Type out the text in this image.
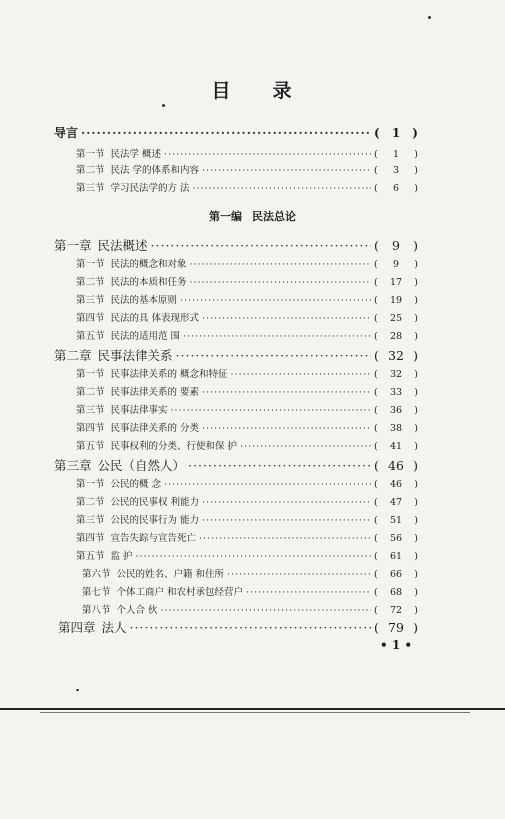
目 录
第一编 民法总论
导言 ·····	( 1 )
第一节 民法学 概述 ·····	( 1 )
第二节 民法 学的体系和内容 ·····	( 3 )
第三节 学习民法学的方 法 ·····	( 6 )
第一章 民法概述 ·····	( 9 )
第一节 民法的概念和对象 ·····	( 9 )
第二节 民法的本质和任务 ·····	( 17 )
第三节 民法的基本原则 ·····	( 19 )
第四节 民法的具 体表现形式 ·····	( 25 )
第五节 民法的适用范 围 ·····	( 28 )
第二章 民事法律关系 ·····	( 32 )
第一节 民事法律关系的 概念和特征 ·····	( 32 )
第二节 民事法律关系的 要素 ·····	( 33 )
第三节 民事法律事实 ·····	( 36 )
第四节 民事法律关系的 分类 ·····	( 38 )
第五节 民事权利的分类、行使和保 护 ·····	( 41 )
第三章 公民（自然人） ·····	( 46 )
第一节 公民的概 念 ·····	( 46 )
第二节 公民的民事权 利能力 ·····	( 47 )
第三节 公民的民事行为 能力 ·····	( 51 )
第四节 宣告失踪与宣告死亡 ·····	( 56 )
第五节 监 护 ·····	( 61 )
第六节 公民的姓名、户籍 和住所 ·····	( 66 )
第七节 个体工商户 和农村承包经营户 ·····	( 68 )
第八节 个人合 伙 ·····	( 72 )
第四章 法人 ·····	( 79 )
• 1 •
